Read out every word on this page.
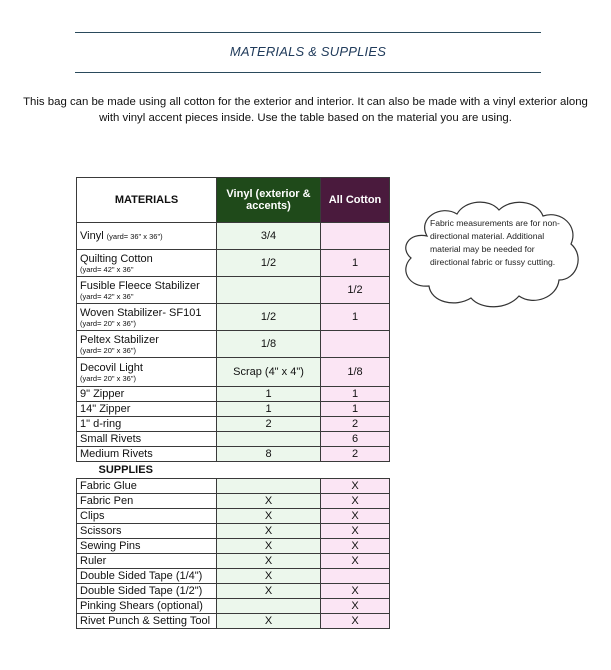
MATERIALS & SUPPLIES
This bag can be made using all cotton for the exterior and interior. It can also be made with a vinyl exterior along with vinyl accent pieces inside. Use the table based on the material you are using.
MATERIALS	Vinyl (exterior & accents)	All Cotton
Vinyl (yard= 36" x 36")	3/4	
Quilting Cotton
(yard= 42" x 36"	1/2	1
Fusible Fleece Stabilizer
(yard= 42" x 36"		1/2
Woven Stabilizer- SF101
(yard= 20" x 36")	1/2	1
Peltex Stabilizer
(yard= 20" x 36")	1/8	
Decovil Light
(yard= 20" x 36")	Scrap (4" x 4")	1/8
9" Zipper	1	1
14" Zipper	1	1
1" d-ring	2	2
Small Rivets		6
Medium Rivets	8	2
SUPPLIES		
Fabric Glue		X
Fabric Pen	X	X
Clips	X	X
Scissors	X	X
Sewing Pins	X	X
Ruler	X	X
Double Sided Tape (1/4")	X	
Double Sided Tape (1/2")	X	X
Pinking Shears (optional)		X
Rivet Punch & Setting Tool	X	X
Fabric measurements are for non-directional material. Additional material may be needed for directional fabric or fussy cutting.
